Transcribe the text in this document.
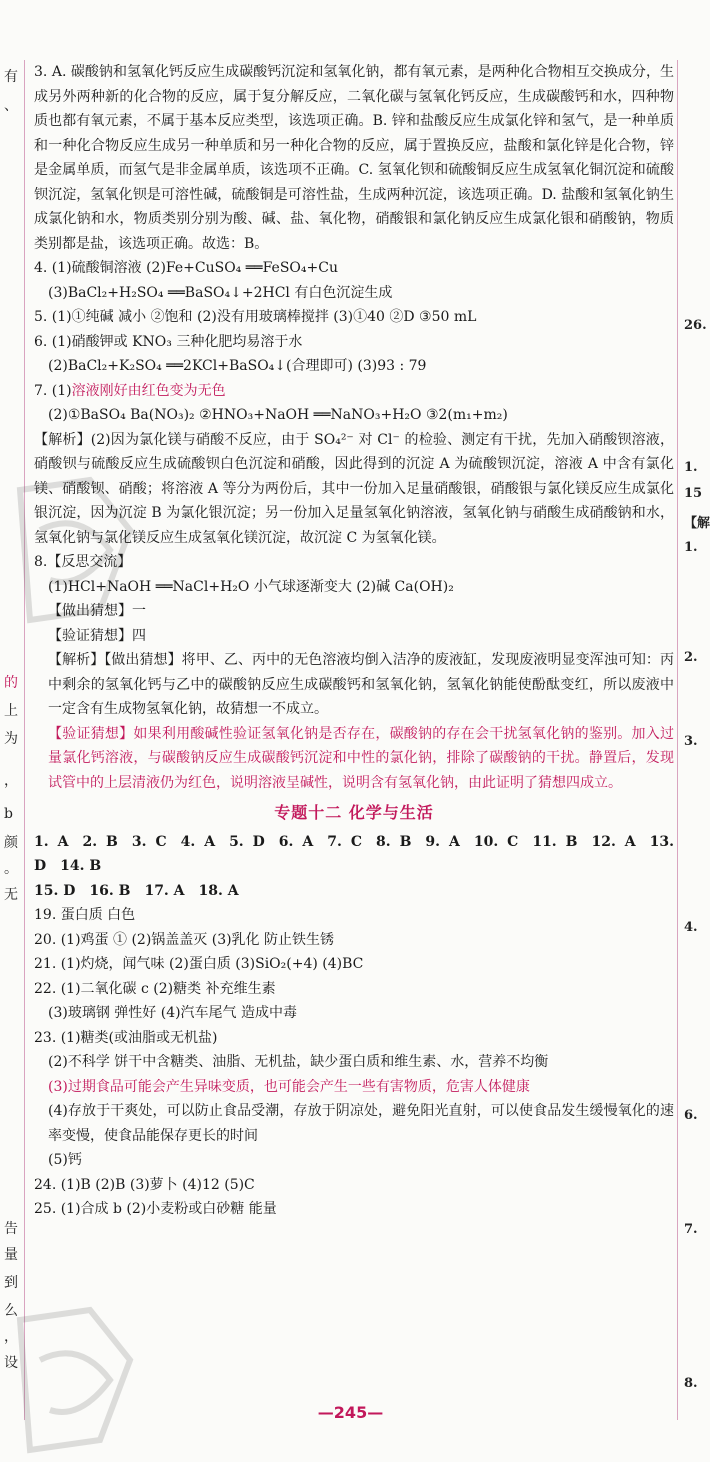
有
、
的
上
为
，
b
颜
。
无
告
量
到
么
，
设
26.
1.
15
【解
1.
2.
3.
4.
6.
7.
8.

3. A. 碳酸钠和氢氧化钙反应生成碳酸钙沉淀和氢氧化钠，都有氧元素，是两种化合物相互交换成分，生成另外两种新的化合物的反应，属于复分解反应，二氧化碳与氢氧化钙反应，生成碳酸钙和水，四种物质也都有氧元素，不属于基本反应类型，该选项正确。B. 锌和盐酸反应生成氯化锌和氢气，是一种单质和一种化合物反应生成另一种单质和另一种化合物的反应，属于置换反应，盐酸和氯化锌是化合物，锌是金属单质，而氢气是非金属单质，该选项不正确。C. 氢氧化钡和硫酸铜反应生成氢氧化铜沉淀和硫酸钡沉淀，氢氧化钡是可溶性碱，硫酸铜是可溶性盐，生成两种沉淀，该选项正确。D. 盐酸和氢氧化钠生成氯化钠和水，物质类别分别为酸、碱、盐、氧化物，硝酸银和氯化钠反应生成氯化银和硝酸钠，物质类别都是盐，该选项正确。故选：B。

4. (1)硫酸铜溶液 (2)Fe+CuSO₄ ══FeSO₄+Cu

(3)BaCl₂+H₂SO₄ ══BaSO₄↓+2HCl 有白色沉淀生成

5. (1)①纯碱 减小 ②饱和 (2)没有用玻璃棒搅拌 (3)①40 ②D ③50 mL

6. (1)硝酸钾或 KNO₃ 三种化肥均易溶于水

(2)BaCl₂+K₂SO₄ ══2KCl+BaSO₄↓(合理即可) (3)93 : 79

7. (1)溶液刚好由红色变为无色

(2)①BaSO₄ Ba(NO₃)₂ ②HNO₃+NaOH ══NaNO₃+H₂O ③2(m₁+m₂)

【解析】(2)因为氯化镁与硝酸不反应，由于 SO₄²⁻ 对 Cl⁻ 的检验、测定有干扰，先加入硝酸钡溶液，硝酸钡与硫酸反应生成硫酸钡白色沉淀和硝酸，因此得到的沉淀 A 为硫酸钡沉淀，溶液 A 中含有氯化镁、硝酸钡、硝酸；将溶液 A 等分为两份后，其中一份加入足量硝酸银，硝酸银与氯化镁反应生成氯化银沉淀，因为沉淀 B 为氯化银沉淀；另一份加入足量氢氧化钠溶液，氢氧化钠与硝酸生成硝酸钠和水，氢氧化钠与氯化镁反应生成氢氧化镁沉淀，故沉淀 C 为氢氧化镁。

8.【反思交流】

(1)HCl+NaOH ══NaCl+H₂O 小气球逐渐变大 (2)碱 Ca(OH)₂

【做出猜想】一

【验证猜想】四

【解析】【做出猜想】将甲、乙、丙中的无色溶液均倒入洁净的废液缸，发现废液明显变浑浊可知：丙中剩余的氢氧化钙与乙中的碳酸钠反应生成碳酸钙和氢氧化钠，氢氧化钠能使酚酞变红，所以废液中一定含有生成物氢氧化钠，故猜想一不成立。

【验证猜想】如果利用酸碱性验证氢氧化钠是否存在，碳酸钠的存在会干扰氢氧化钠的鉴别。加入过量氯化钙溶液，与碳酸钠反应生成碳酸钙沉淀和中性的氯化钠，排除了碳酸钠的干扰。静置后，发现试管中的上层清液仍为红色，说明溶液呈碱性，说明含有氢氧化钠，由此证明了猜想四成立。

专题十二 化学与生活

1. A 2. B 3. C 4. A 5. D 6. A 7. C 8. B 9. A 10. C 11. B 12. A 13. D 14. B

15. D 16. B 17. A 18. A

19. 蛋白质 白色

20. (1)鸡蛋 ① (2)锅盖盖灭 (3)乳化 防止铁生锈

21. (1)灼烧，闻气味 (2)蛋白质 (3)SiO₂(+4) (4)BC

22. (1)二氧化碳 c (2)糖类 补充维生素

(3)玻璃钢 弹性好 (4)汽车尾气 造成中毒

23. (1)糖类(或油脂或无机盐)

(2)不科学 饼干中含糖类、油脂、无机盐，缺少蛋白质和维生素、水，营养不均衡

(3)过期食品可能会产生异味变质，也可能会产生一些有害物质，危害人体健康

(4)存放于干爽处，可以防止食品受潮，存放于阴凉处，避免阳光直射，可以使食品发生缓慢氧化的速率变慢，使食品能保存更长的时间

(5)钙

24. (1)B (2)B (3)萝卜 (4)12 (5)C

25. (1)合成 b (2)小麦粉或白砂糖 能量

—245—
